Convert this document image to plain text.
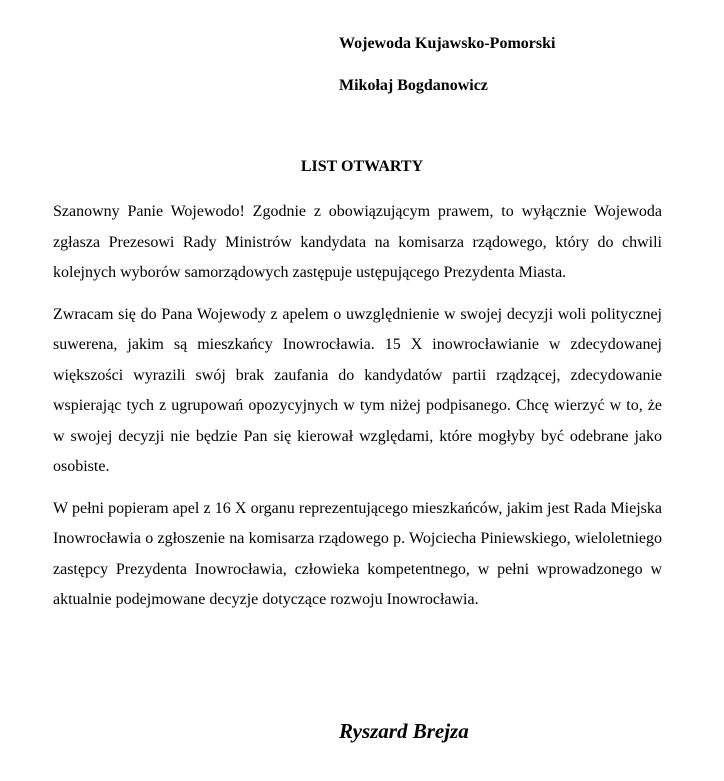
Wojewoda Kujawsko-Pomorski
Mikołaj Bogdanowicz
LIST OTWARTY

Szanowny Panie Wojewodo! Zgodnie z obowiązującym prawem, to wyłącznie Wojewoda zgłasza Prezesowi Rady Ministrów kandydata na komisarza rządowego, który do chwili kolejnych wyborów samorządowych zastępuje ustępującego Prezydenta Miasta.

Zwracam się do Pana Wojewody z apelem o uwzględnienie w swojej decyzji woli politycznej suwerena, jakim są mieszkańcy Inowrocławia. 15 X inowrocławianie w zdecydowanej większości wyrazili swój brak zaufania do kandydatów partii rządzącej, zdecydowanie wspierając tych z ugrupowań opozycyjnych w tym niżej podpisanego. Chcę wierzyć w to, że w swojej decyzji nie będzie Pan się kierował względami, które mogłyby być odebrane jako osobiste.

W pełni popieram apel z 16 X organu reprezentującego mieszkańców, jakim jest Rada Miejska Inowrocławia o zgłoszenie na komisarza rządowego p. Wojciecha Piniewskiego, wieloletniego zastępcy Prezydenta Inowrocławia, człowieka kompetentnego, w pełni wprowadzonego w aktualnie podejmowane decyzje dotyczące rozwoju Inowrocławia.

Ryszard Brejza
